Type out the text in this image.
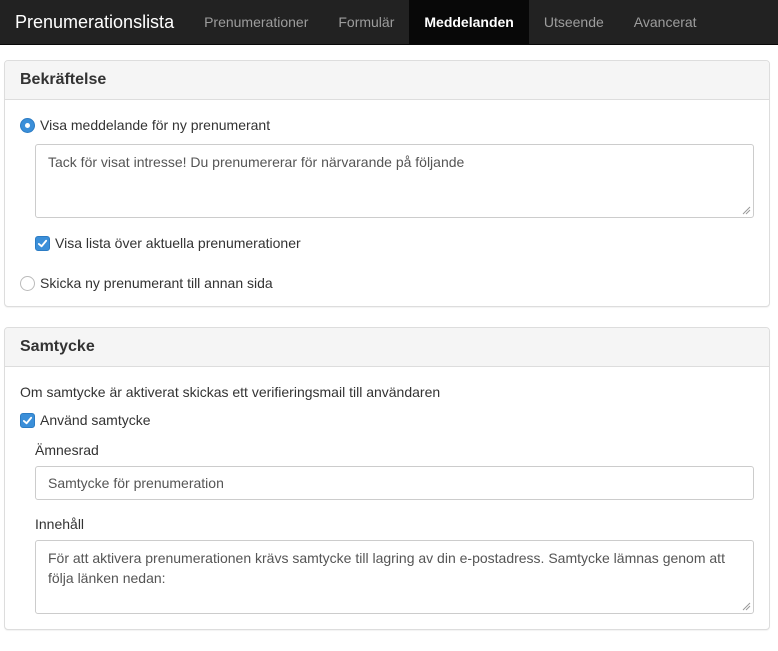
Prenumerationslista	Prenumerationer	Formulär	Meddelanden	Utseende	Avancerat
Bekräftelse
Visa meddelande för ny prenumerant
Tack för visat intresse! Du prenumererar för närvarande på följande
Visa lista över aktuella prenumerationer
Skicka ny prenumerant till annan sida
Samtycke
Om samtycke är aktiverat skickas ett verifieringsmail till användaren
Använd samtycke
Ämnesrad
Samtycke för prenumeration
Innehåll
För att aktivera prenumerationen krävs samtycke till lagring av din e-postadress. Samtycke lämnas genom att följa länken nedan:
